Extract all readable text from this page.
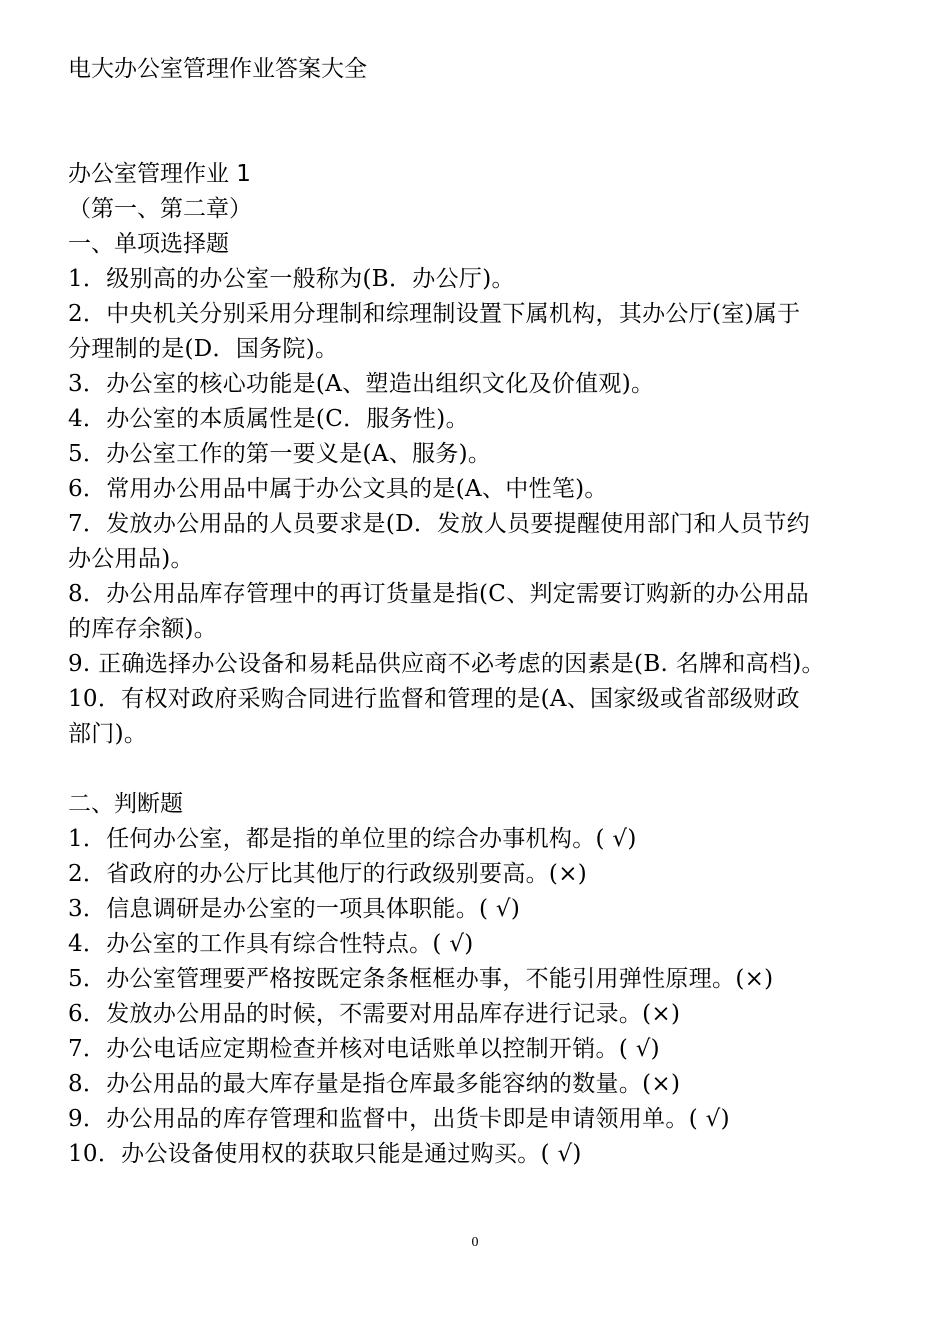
电大办公室管理作业答案大全

办公室管理作业 1

（第一、第二章）

一、单项选择题

1．级别高的办公室一般称为(B．办公厅)。

2．中央机关分别采用分理制和综理制设置下属机构，其办公厅(室)属于
分理制的是(D．国务院)。

3．办公室的核心功能是(A、塑造出组织文化及价值观)。

4．办公室的本质属性是(C．服务性)。

5．办公室工作的第一要义是(A、服务)。

6．常用办公用品中属于办公文具的是(A、中性笔)。

7．发放办公用品的人员要求是(D．发放人员要提醒使用部门和人员节约
办公用品)。

8．办公用品库存管理中的再订货量是指(C、判定需要订购新的办公用品
的库存余额)。

9. 正确选择办公设备和易耗品供应商不必考虑的因素是(B. 名牌和高档)。

10．有权对政府采购合同进行监督和管理的是(A、国家级或省部级财政
部门)。

二、判断题

1．任何办公室，都是指的单位里的综合办事机构。( √)

2．省政府的办公厅比其他厅的行政级别要高。(×)

3．信息调研是办公室的一项具体职能。( √)

4．办公室的工作具有综合性特点。( √)

5．办公室管理要严格按既定条条框框办事，不能引用弹性原理。(×)

6．发放办公用品的时候，不需要对用品库存进行记录。(×)

7．办公电话应定期检查并核对电话账单以控制开销。( √)

8．办公用品的最大库存量是指仓库最多能容纳的数量。(×)

9．办公用品的库存管理和监督中，出货卡即是申请领用单。( √)

10．办公设备使用权的获取只能是通过购买。( √)

0
